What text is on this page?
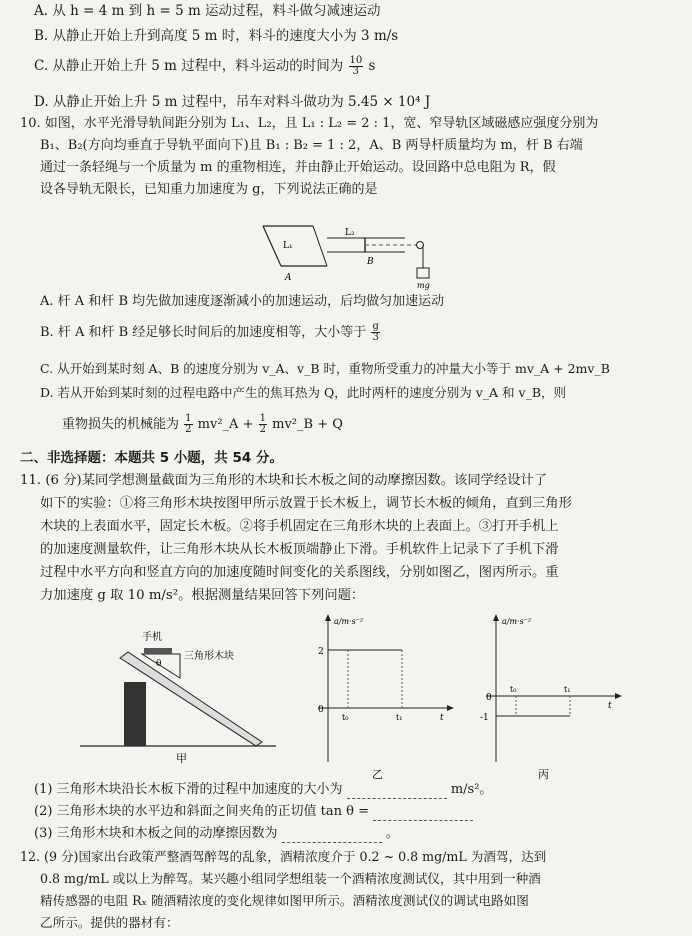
A. 从 h = 4 m 到 h = 5 m 运动过程，料斗做匀减速运动
B. 从静止开始上升到高度 5 m 时，料斗的速度大小为 3 m/s
C. 从静止开始上升 5 m 过程中，料斗运动的时间为 $\frac{10}{3}$ s
D. 从静止开始上升 5 m 过程中，吊车对料斗做功为 5.45 × 10⁴ J
10. 如图，水平光滑导轨间距分别为 L₁、L₂，且 L₁ : L₂ = 2 : 1，宽、窄导轨区域磁感应强度分别为
B₁、B₂(方向均垂直于导轨平面向下)且 B₁ : B₂ = 1 : 2，A、B 两导杆质量均为 m，杆 B 右端
通过一条轻绳与一个质量为 m 的重物相连，并由静止开始运动。设回路中总电阻为 R，假
设各导轨无限长，已知重力加速度为 g，下列说法正确的是
L₁
L₂
A
B
mg
A. 杆 A 和杆 B 均先做加速度逐渐减小的加速运动，后均做匀加速运动
B. 杆 A 和杆 B 经足够长时间后的加速度相等，大小等于 $\frac{g}{3}$
C. 从开始到某时刻 A、B 的速度分别为 v_A、v_B 时，重物所受重力的冲量大小等于 mv_A + 2mv_B
D. 若从开始到某时刻的过程电路中产生的焦耳热为 Q，此时两杆的速度分别为 v_A 和 v_B，则
重物损失的机械能为 $\frac{1}{2}$ mv²_A + $\frac{1}{2}$ mv²_B + Q
二、非选择题：本题共 5 小题，共 54 分。
11. (6 分)某同学想测量截面为三角形的木块和长木板之间的动摩擦因数。该同学经设计了
如下的实验：①将三角形木块按图甲所示放置于长木板上，调节长木板的倾角，直到三角形
木块的上表面水平，固定长木板。②将手机固定在三角形木块的上表面上。③打开手机上
的加速度测量软件，让三角形木块从长木板顶端静止下滑。手机软件上记录下了手机下滑
过程中水平方向和竖直方向的加速度随时间变化的关系图线，分别如图乙，图丙所示。重
力加速度 g 取 10 m/s²。根据测量结果回答下列问题：
手机
三角形木块
θ
甲
a/m·s⁻²
2
0
t₀	t₁	t
乙
a/m·s⁻²
0
-1
t₀	t₁
t
丙
(1) 三角形木块沿长木板下滑的过程中加速度的大小为	m/s²。
(2) 三角形木块的水平边和斜面之间夹角的正切值 tan θ =
(3) 三角形木块和木板之间的动摩擦因数为	。
12. (9 分)国家出台政策严整酒驾醉驾的乱象，酒精浓度介于 0.2 ~ 0.8 mg/mL 为酒驾，达到
0.8 mg/mL 或以上为醉驾。某兴趣小组同学想组装一个酒精浓度测试仪，其中用到一种酒
精传感器的电阻 Rₓ 随酒精浓度的变化规律如图甲所示。酒精浓度测试仪的调试电路如图
乙所示。提供的器材有：
